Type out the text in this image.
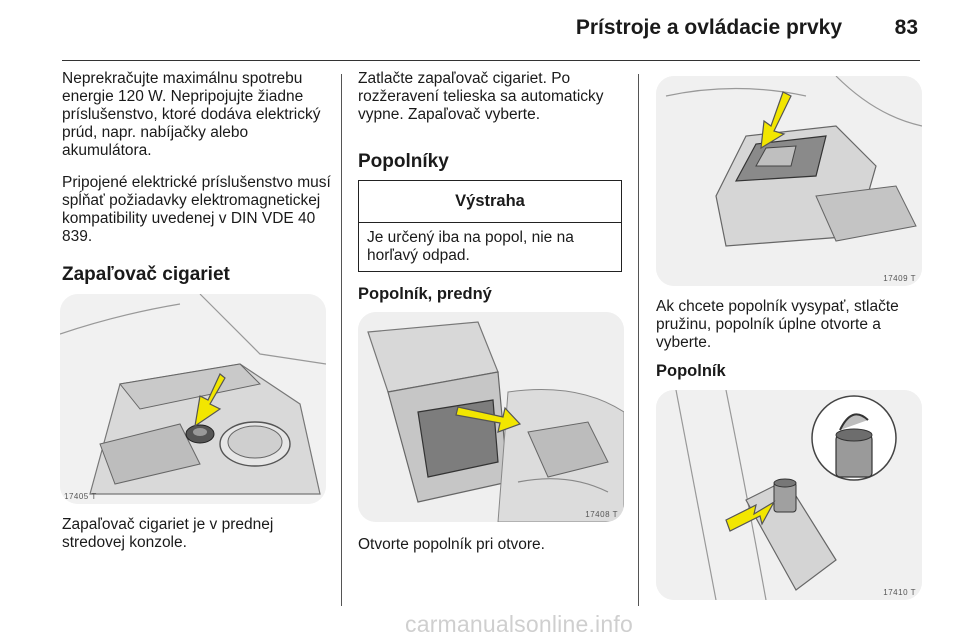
Prístroje a ovládacie prvky	83
Neprekračujte maximálnu spotrebu energie 120 W. Nepripojujte žiadne príslušenstvo, ktoré dodáva elektrický prúd, napr. nabíjačky alebo akumulátora.
Pripojené elektrické príslušenstvo musí spĺňať požiadavky elektromagnetickej kompatibility uvedenej v DIN VDE 40 839.
Zapaľovač cigariet
17405 T
Zapaľovač cigariet je v prednej stredovej konzole.
Zatlačte zapaľovač cigariet. Po rozžeravení telieska sa automaticky vypne. Zapaľovač vyberte.
Popolníky
Výstraha
Je určený iba na popol, nie na horľavý odpad.
Popolník, predný
17408 T
Otvorte popolník pri otvore.
17409 T
Ak chcete popolník vysypať, stlačte pružinu, popolník úplne otvorte a vyberte.
Popolník
17410 T
carmanualsonline.info
